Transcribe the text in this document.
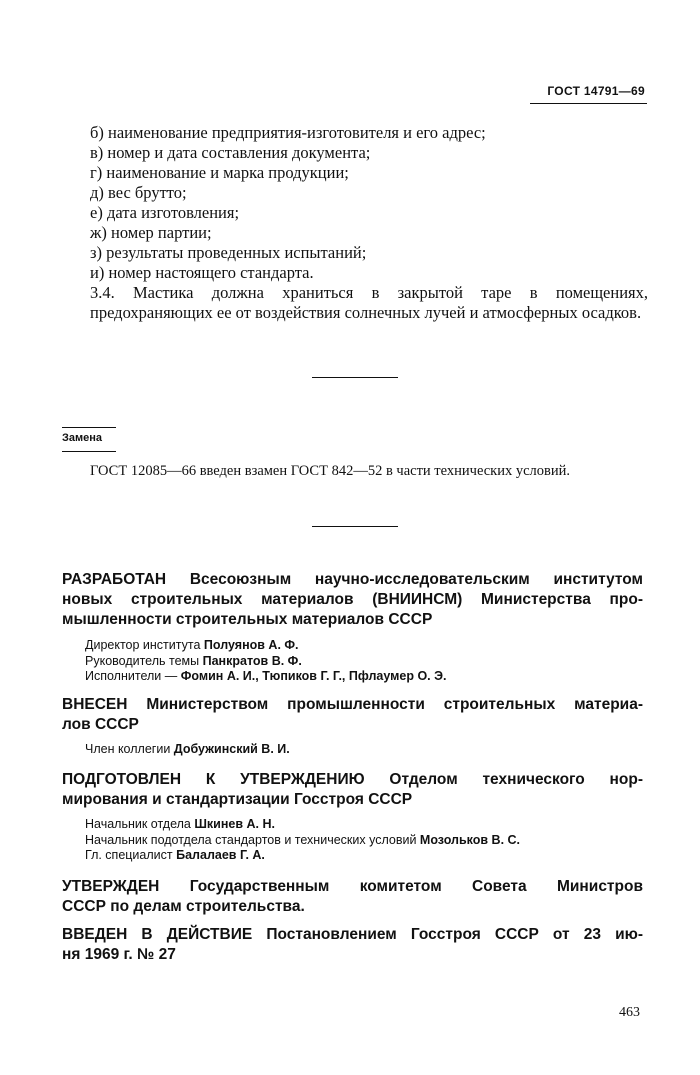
ГОСТ 14791—69
б) наименование предприятия-изготовителя и его адрес;
в) номер и дата составления документа;
г) наименование и марка продукции;
д) вес брутто;
е) дата изготовления;
ж) номер партии;
з) результаты проведенных испытаний;
и) номер настоящего стандарта.
3.4. Мастика должна храниться в закрытой таре в помещениях, предохраняющих ее от воздействия солнечных лучей и атмосферных осадков.
Замена
ГОСТ 12085—66 введен взамен ГОСТ 842—52 в части технических условий.
РАЗРАБОТАН Всесоюзным научно-исследовательским институтом
новых строительных материалов (ВНИИНСМ) Министерства про-
мышленности строительных материалов СССР
Директор института Полуянов А. Ф.
Руководитель темы Панкратов В. Ф.
Исполнители — Фомин А. И., Тюпиков Г. Г., Пфлаумер О. Э.
ВНЕСЕН Министерством промышленности строительных материа-
лов СССР
Член коллегии Добужинский В. И.
ПОДГОТОВЛЕН К УТВЕРЖДЕНИЮ Отделом технического нор-
мирования и стандартизации Госстроя СССР
Начальник отдела Шкинев А. Н.
Начальник подотдела стандартов и технических условий Мозольков В. С.
Гл. специалист Балалаев Г. А.
УТВЕРЖДЕН Государственным комитетом Совета Министров
СССР по делам строительства.
ВВЕДЕН В ДЕЙСТВИЕ Постановлением Госстроя СССР от 23 ию-
ня 1969 г. № 27
463
